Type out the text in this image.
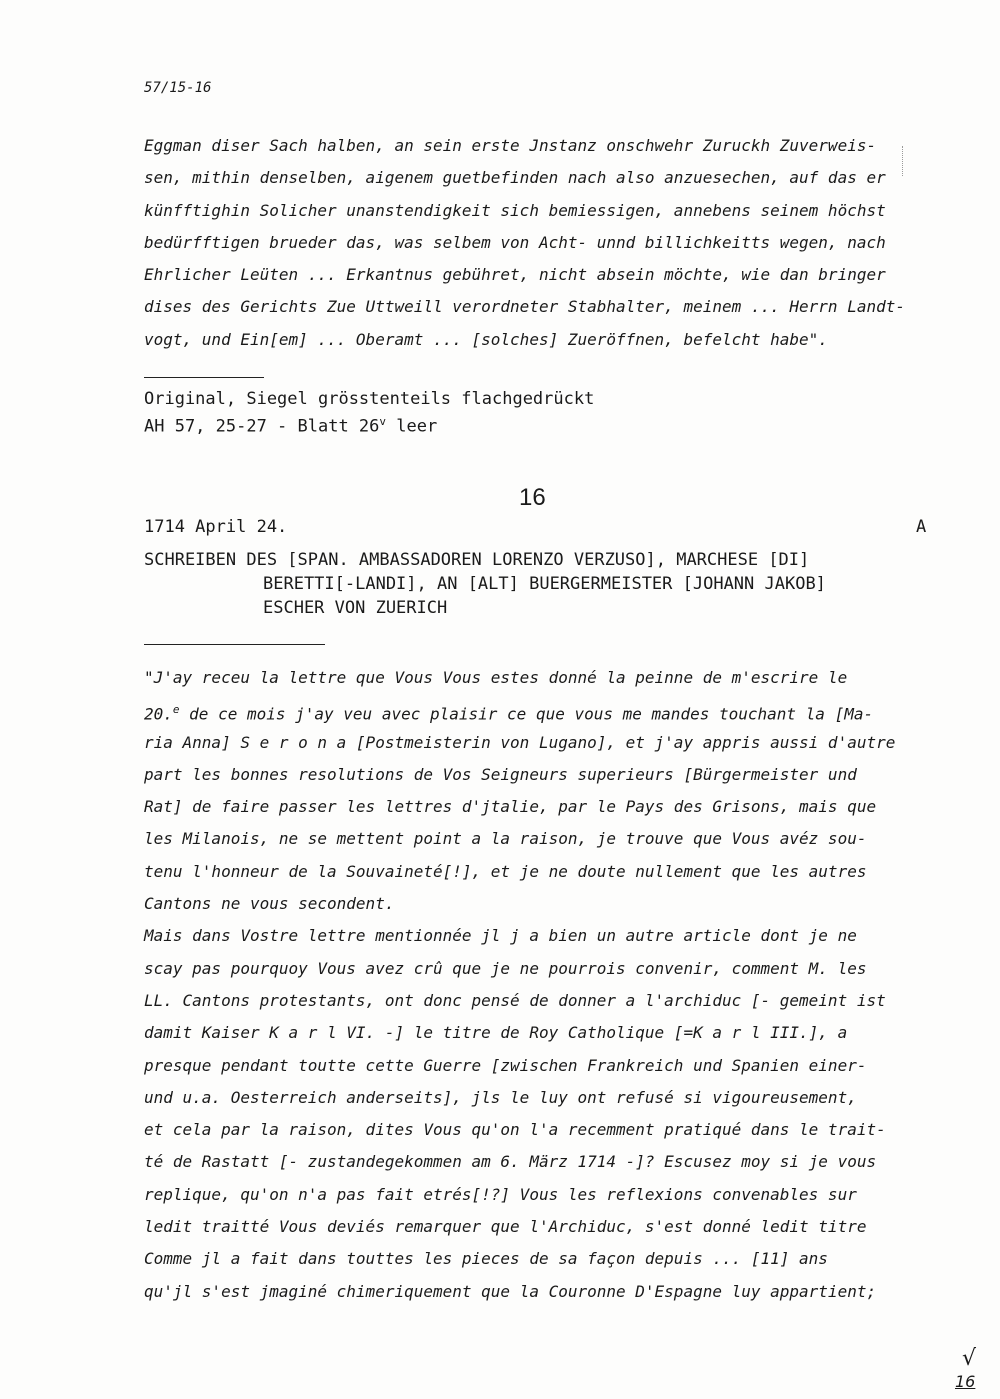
57/15-16
Eggman diser Sach halben, an sein erste Jnstanz onschwehr Zuruckh Zuverweis-
sen, mithin denselben, aigenem guetbefinden nach also anzuesechen, auf das er
künfftighin Solicher unanstendigkeit sich bemiessigen, annebens seinem höchst
bedürfftigen brueder das, was selbem von Acht- unnd billichkeitts wegen, nach
Ehrlicher Leüten ... Erkantnus gebühret, nicht absein möchte, wie dan bringer
dises des Gerichts Zue Uttweill verordneter Stabhalter, meinem ... Herrn Landt-
vogt, und Ein[em] ... Oberamt ... [solches] Zueröffnen, befelcht habe".
Original, Siegel grösstenteils flachgedrückt
AH 57, 25-27 - Blatt 26$^v$ leer
16
1714 April 24.	A
SCHREIBEN DES [SPAN. AMBASSADOREN LORENZO VERZUSO], MARCHESE [DI]
BERETTI[-LANDI], AN [ALT] BUERGERMEISTER [JOHANN JAKOB]
ESCHER VON ZUERICH
"J'ay receu la lettre que Vous Vous estes donné la peinne de m'escrire le
20.$^e$ de ce mois j'ay veu avec plaisir ce que vous me mandes touchant la [Ma-
ria Anna] S e r o n a [Postmeisterin von Lugano], et j'ay appris aussi d'autre
part les bonnes resolutions de Vos Seigneurs superieurs [Bürgermeister und
Rat] de faire passer les lettres d'jtalie, par le Pays des Grisons, mais que
les Milanois, ne se mettent point a la raison, je trouve que Vous avéz sou-
tenu l'honneur de la Souvaineté[!], et je ne doute nullement que les autres
Cantons ne vous secondent.
Mais dans Vostre lettre mentionnée jl j a bien un autre article dont je ne
scay pas pourquoy Vous avez crû que je ne pourrois convenir, comment M. les
LL. Cantons protestants, ont donc pensé de donner a l'archiduc [- gemeint ist
damit Kaiser K a r l VI. -] le titre de Roy Catholique [=K a r l III.], a
presque pendant toutte cette Guerre [zwischen Frankreich und Spanien einer-
und u.a. Oesterreich anderseits], jls le luy ont refusé si vigoureusement,
et cela par la raison, dites Vous qu'on l'a recemment pratiqué dans le trait-
té de Rastatt [- zustandegekommen am 6. März 1714 -]? Escusez moy si je vous
replique, qu'on n'a pas fait etrés[!?] Vous les reflexions convenables sur
ledit traitté Vous deviés remarquer que l'Archiduc, s'est donné ledit titre
Comme jl a fait dans touttes les pieces de sa façon depuis ... [11] ans
qu'jl s'est jmaginé chimeriquement que la Couronne D'Espagne luy appartient;
√
16
